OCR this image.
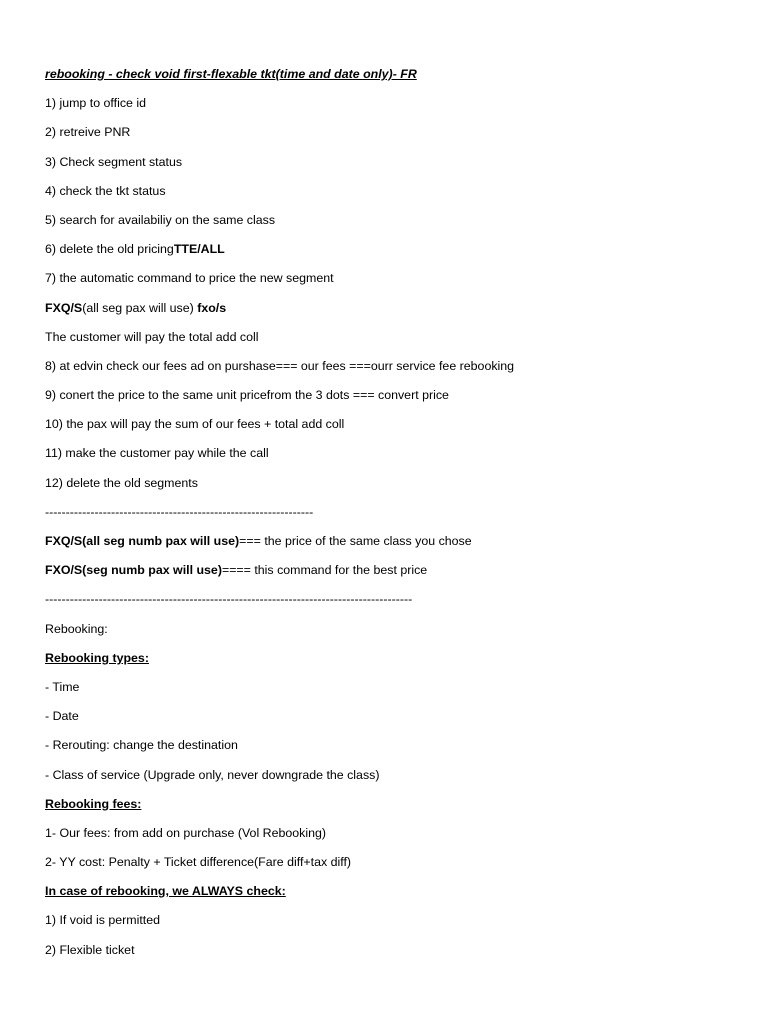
rebooking - check void first-flexable tkt(time and date only)- FR
1) jump to office id
2) retreive PNR
3) Check segment status
4) check the tkt status
5) search for availabiliy on the same class
6) delete the old pricingTTE/ALL
7) the automatic command to price the new segment
FXQ/S(all seg pax will use) fxo/s
The customer will pay the total add coll
8) at edvin check our fees ad on purshase=== our fees ===ourr service fee rebooking
9) conert the price to the same unit pricefrom the 3 dots === convert price
10) the pax will pay the sum of our fees + total add coll
11) make the customer pay while the call
12) delete the old segments
-----------------------------------------------------------------
FXQ/S(all seg numb pax will use)=== the price of the same class you chose
FXO/S(seg numb pax will use)==== this command for the best price
-----------------------------------------------------------------------------------------
Rebooking:
Rebooking types:
- Time
- Date
- Rerouting: change the destination
- Class of service (Upgrade only, never downgrade the class)
Rebooking fees:
1- Our fees: from add on purchase (Vol Rebooking)
2- YY cost: Penalty + Ticket difference(Fare diff+tax diff)
In case of rebooking, we ALWAYS check:
1) If void is permitted
2) Flexible ticket
